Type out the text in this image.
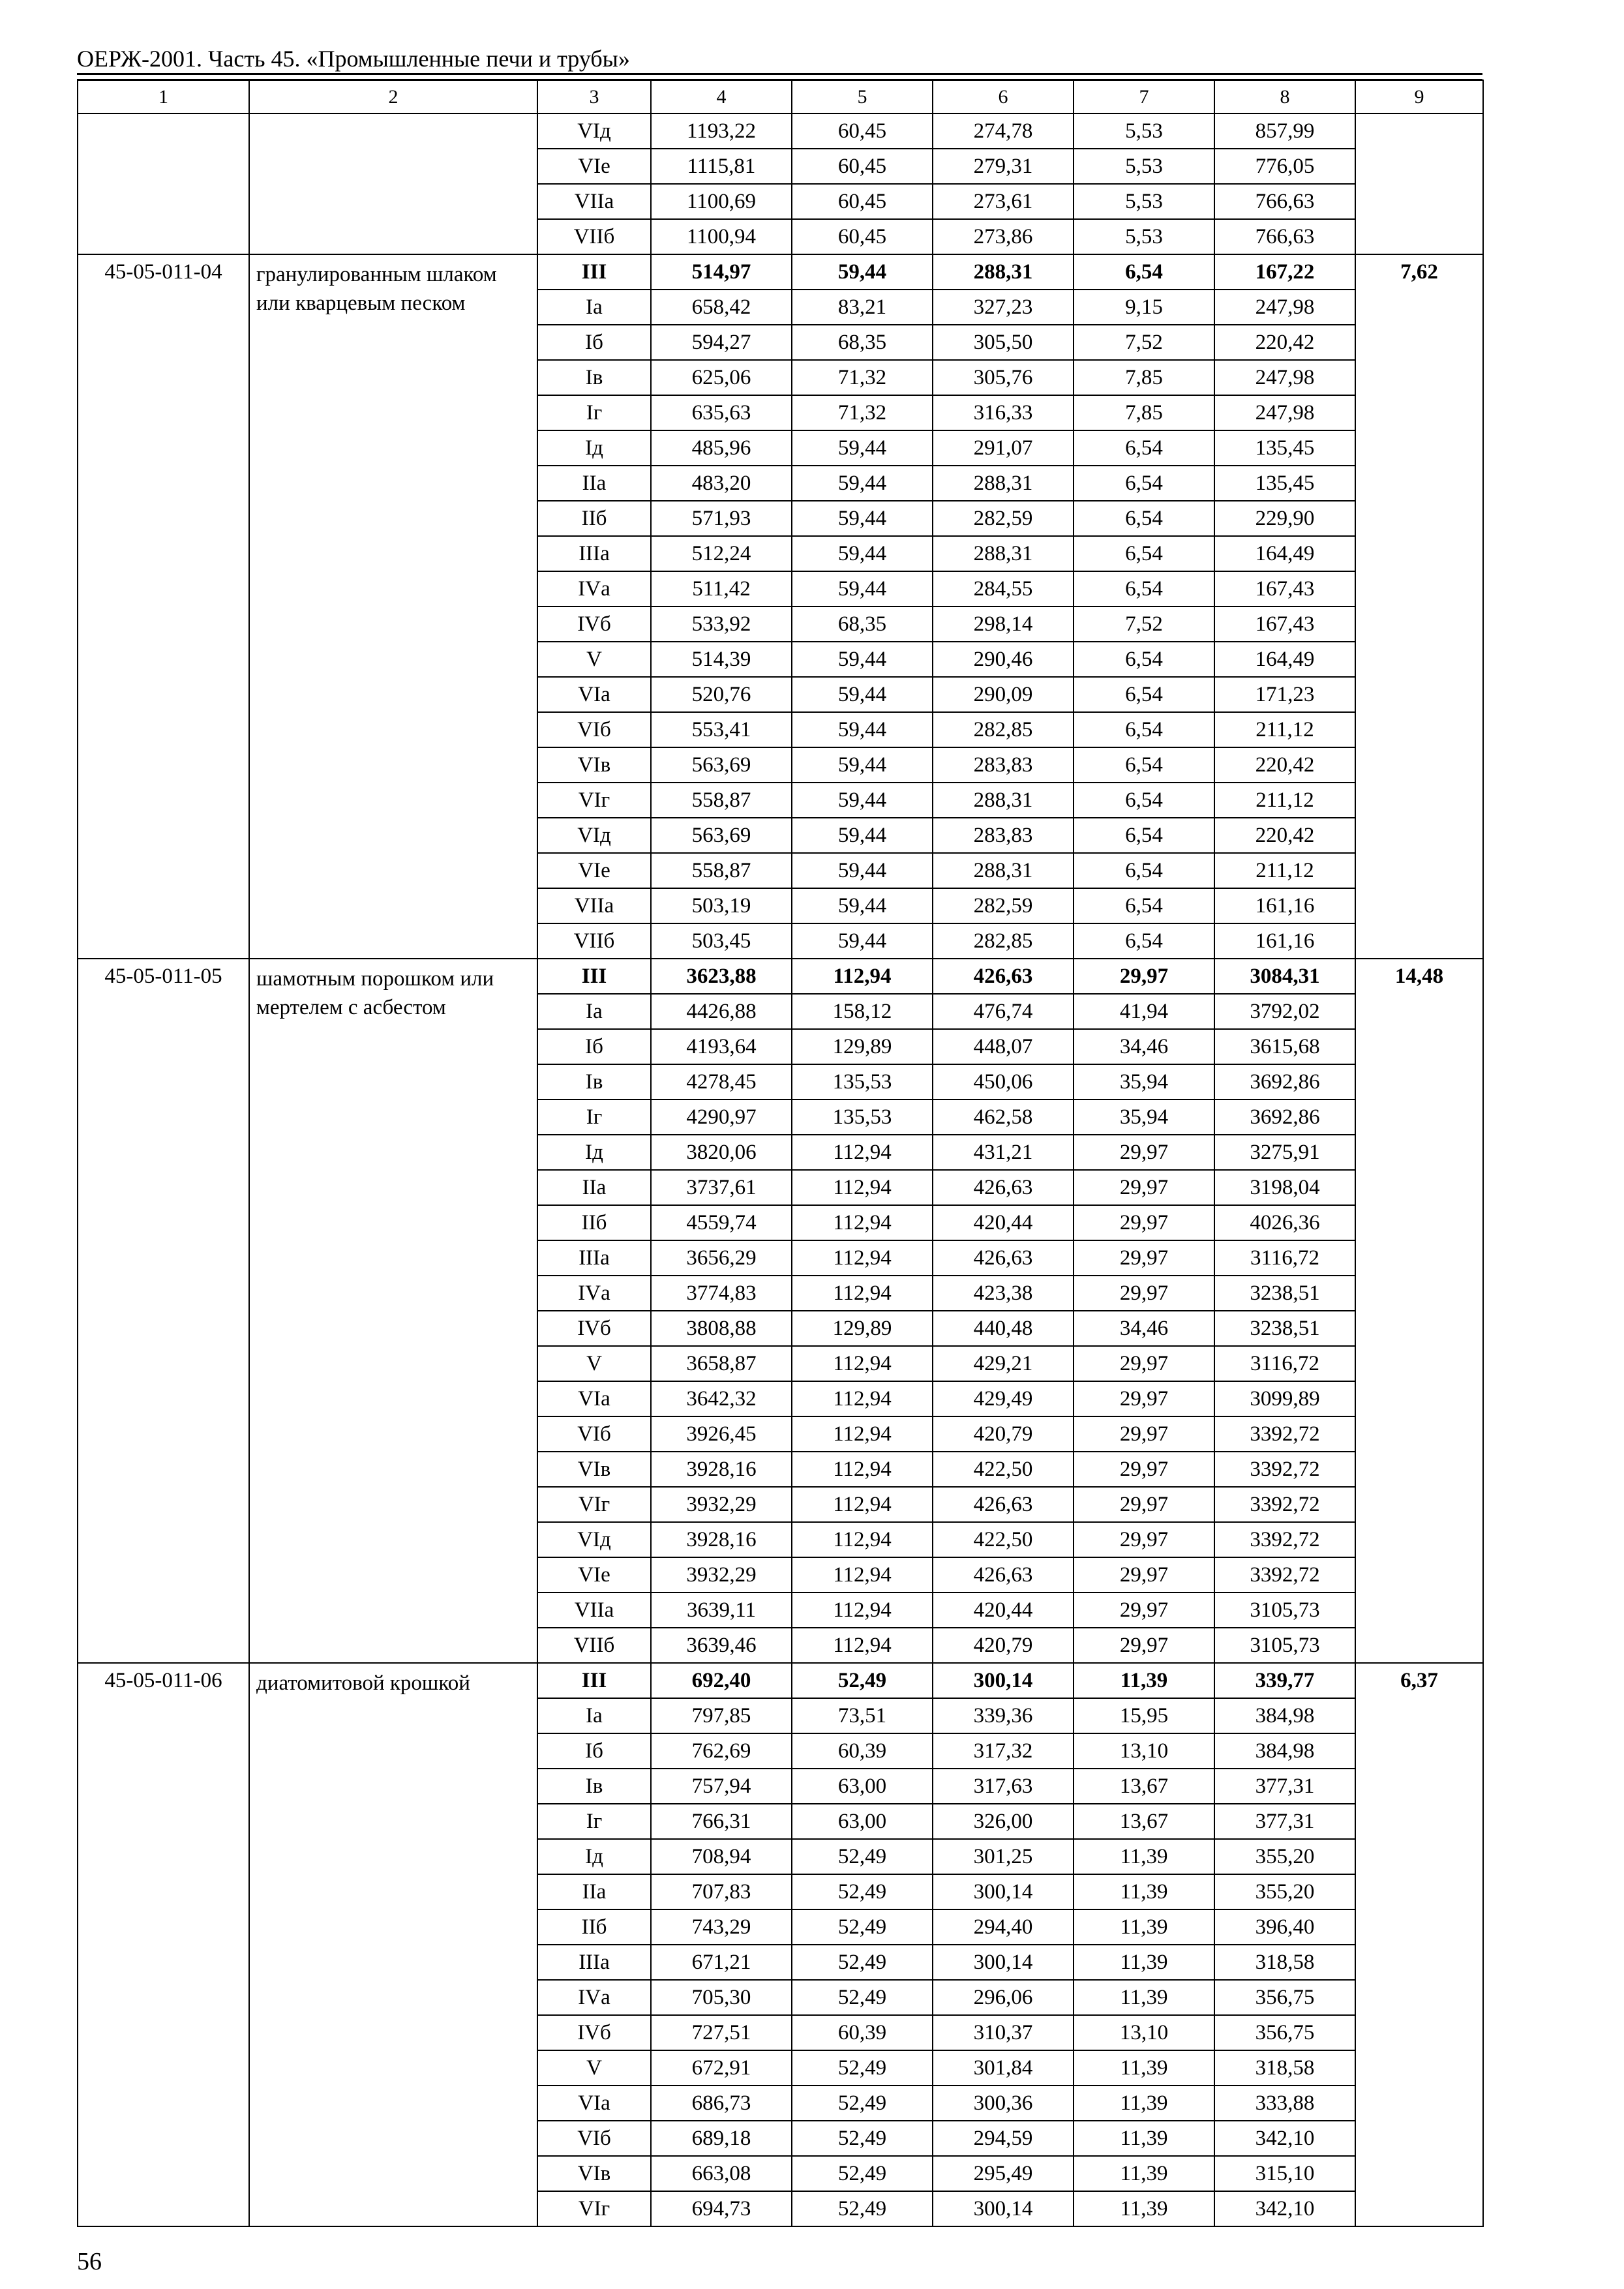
ОЕРЖ-2001. Часть 45. «Промышленные печи и трубы»
1	2	3	4	5	6	7	8	9
		VIд	1193,22	60,45	274,78	5,53	857,99	
		VIе	1115,81	60,45	279,31	5,53	776,05	
		VIIа	1100,69	60,45	273,61	5,53	766,63	
		VIIб	1100,94	60,45	273,86	5,53	766,63	
45-05-011-04	гранулированным шлаком или кварцевым песком	III	514,97	59,44	288,31	6,54	167,22	7,62
		Iа	658,42	83,21	327,23	9,15	247,98	
		Iб	594,27	68,35	305,50	7,52	220,42	
		Iв	625,06	71,32	305,76	7,85	247,98	
		Iг	635,63	71,32	316,33	7,85	247,98	
		Iд	485,96	59,44	291,07	6,54	135,45	
		IIа	483,20	59,44	288,31	6,54	135,45	
		IIб	571,93	59,44	282,59	6,54	229,90	
		IIIа	512,24	59,44	288,31	6,54	164,49	
		IVа	511,42	59,44	284,55	6,54	167,43	
		IVб	533,92	68,35	298,14	7,52	167,43	
		V	514,39	59,44	290,46	6,54	164,49	
		VIа	520,76	59,44	290,09	6,54	171,23	
		VIб	553,41	59,44	282,85	6,54	211,12	
		VIв	563,69	59,44	283,83	6,54	220,42	
		VIг	558,87	59,44	288,31	6,54	211,12	
		VIд	563,69	59,44	283,83	6,54	220,42	
		VIе	558,87	59,44	288,31	6,54	211,12	
		VIIа	503,19	59,44	282,59	6,54	161,16	
		VIIб	503,45	59,44	282,85	6,54	161,16	
45-05-011-05	шамотным порошком или мертелем с асбестом	III	3623,88	112,94	426,63	29,97	3084,31	14,48
		Iа	4426,88	158,12	476,74	41,94	3792,02	
		Iб	4193,64	129,89	448,07	34,46	3615,68	
		Iв	4278,45	135,53	450,06	35,94	3692,86	
		Iг	4290,97	135,53	462,58	35,94	3692,86	
		Iд	3820,06	112,94	431,21	29,97	3275,91	
		IIа	3737,61	112,94	426,63	29,97	3198,04	
		IIб	4559,74	112,94	420,44	29,97	4026,36	
		IIIа	3656,29	112,94	426,63	29,97	3116,72	
		IVа	3774,83	112,94	423,38	29,97	3238,51	
		IVб	3808,88	129,89	440,48	34,46	3238,51	
		V	3658,87	112,94	429,21	29,97	3116,72	
		VIа	3642,32	112,94	429,49	29,97	3099,89	
		VIб	3926,45	112,94	420,79	29,97	3392,72	
		VIв	3928,16	112,94	422,50	29,97	3392,72	
		VIг	3932,29	112,94	426,63	29,97	3392,72	
		VIд	3928,16	112,94	422,50	29,97	3392,72	
		VIе	3932,29	112,94	426,63	29,97	3392,72	
		VIIа	3639,11	112,94	420,44	29,97	3105,73	
		VIIб	3639,46	112,94	420,79	29,97	3105,73	
45-05-011-06	диатомитовой крошкой	III	692,40	52,49	300,14	11,39	339,77	6,37
		Iа	797,85	73,51	339,36	15,95	384,98	
		Iб	762,69	60,39	317,32	13,10	384,98	
		Iв	757,94	63,00	317,63	13,67	377,31	
		Iг	766,31	63,00	326,00	13,67	377,31	
		Iд	708,94	52,49	301,25	11,39	355,20	
		IIа	707,83	52,49	300,14	11,39	355,20	
		IIб	743,29	52,49	294,40	11,39	396,40	
		IIIа	671,21	52,49	300,14	11,39	318,58	
		IVа	705,30	52,49	296,06	11,39	356,75	
		IVб	727,51	60,39	310,37	13,10	356,75	
		V	672,91	52,49	301,84	11,39	318,58	
		VIа	686,73	52,49	300,36	11,39	333,88	
		VIб	689,18	52,49	294,59	11,39	342,10	
		VIв	663,08	52,49	295,49	11,39	315,10	
		VIг	694,73	52,49	300,14	11,39	342,10	
56
